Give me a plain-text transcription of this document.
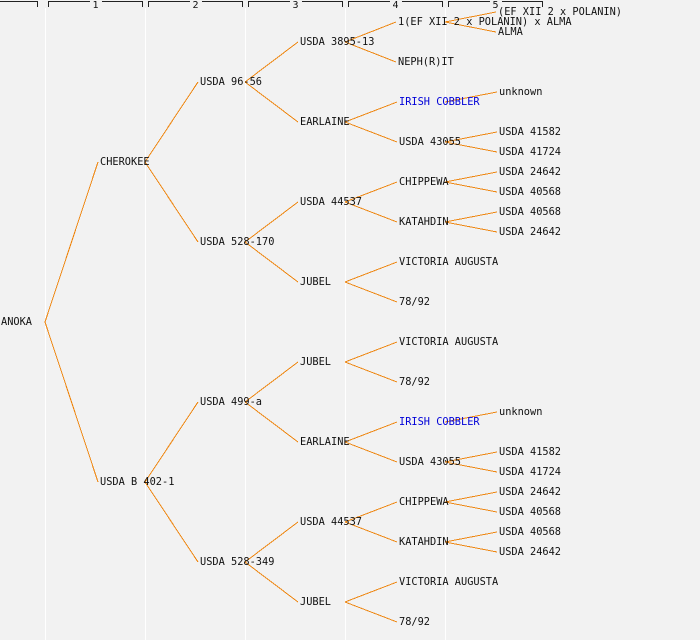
1	2	3	4	5
ANOKA
CHEROKEE
USDA B 402-1
USDA 96-56
USDA 528-170
USDA 499-a
USDA 528-349
USDA 3895-13
EARLAINE
USDA 44537
JUBEL
JUBEL
EARLAINE
USDA 44537
JUBEL
1(EF XII 2 x POLANIN) x ALMA
NEPH(R)IT
IRISH COBBLER
USDA 43055
CHIPPEWA
KATAHDIN
VICTORIA AUGUSTA
78/92
VICTORIA AUGUSTA
78/92
IRISH COBBLER
USDA 43055
CHIPPEWA
KATAHDIN
VICTORIA AUGUSTA
78/92
(EF XII 2 x POLANIN)
ALMA
unknown
USDA 41582
USDA 41724
USDA 24642
USDA 40568
USDA 40568
USDA 24642
unknown
USDA 41582
USDA 41724
USDA 24642
USDA 40568
USDA 40568
USDA 24642
